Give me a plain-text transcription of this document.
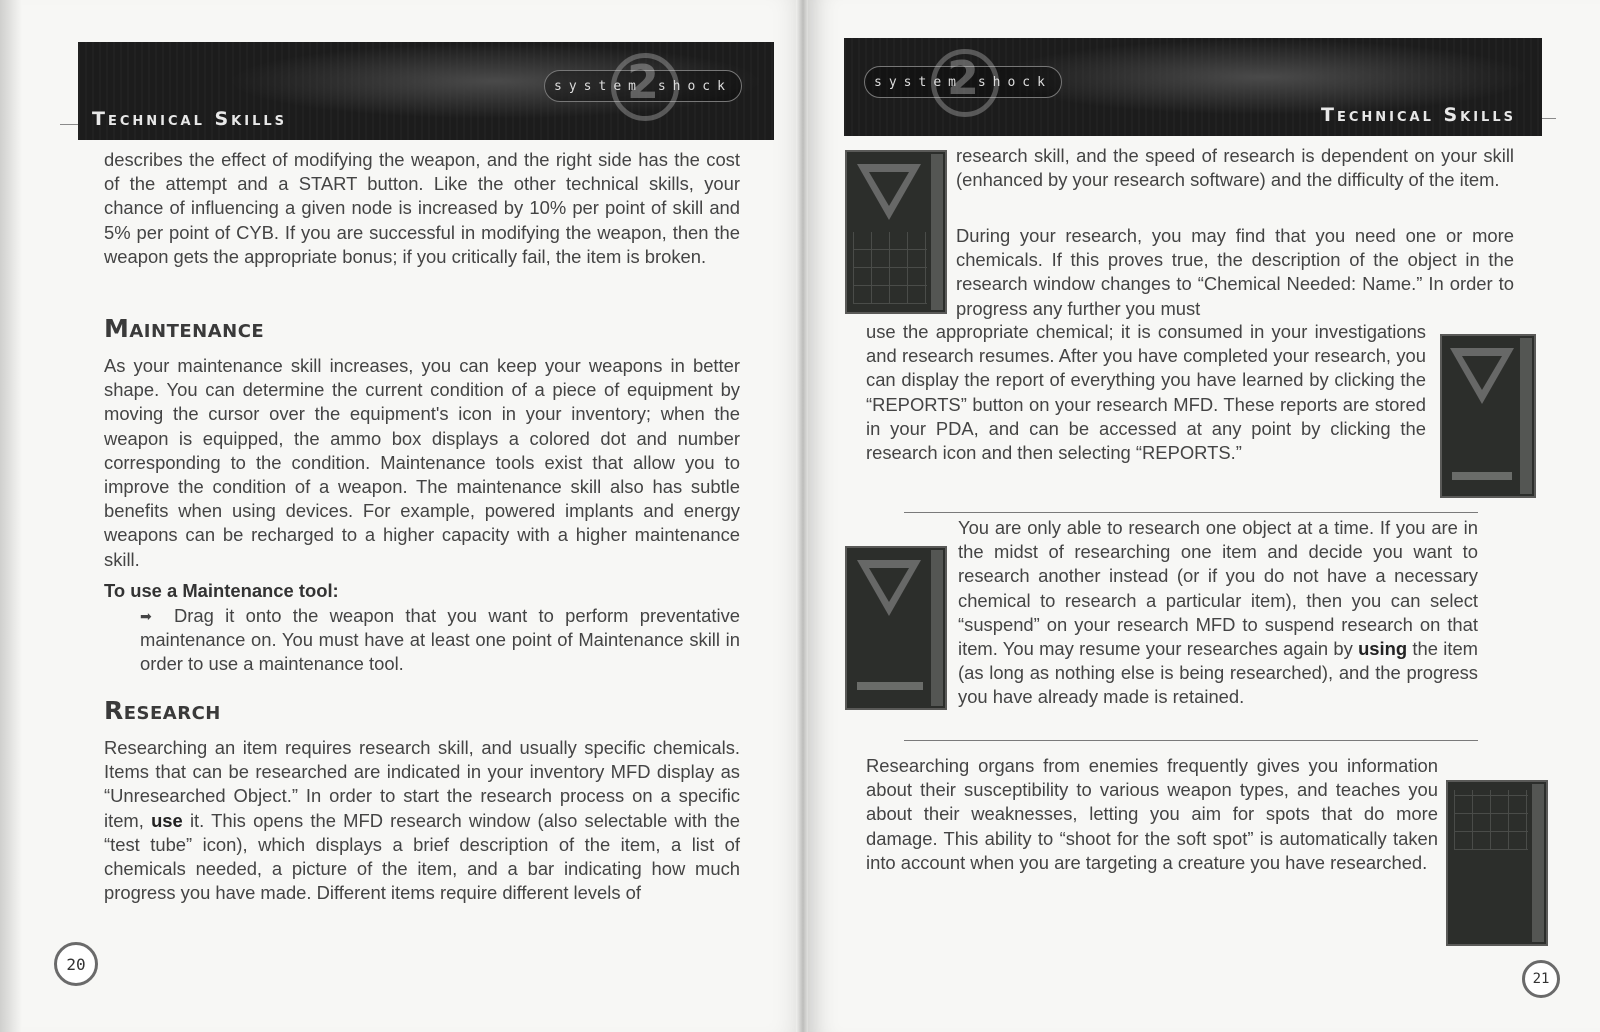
2
system shock
Technical Skills
describes the effect of modifying the weapon, and the right side has the cost of the attempt and a START button. Like the other technical skills, your chance of influencing a given node is increased by 10% per point of skill and 5% per point of CYB. If you are successful in modifying the weapon, then the weapon gets the appropriate bonus; if you critically fail, the item is broken.
Maintenance
As your maintenance skill increases, you can keep your weapons in better shape. You can determine the current condition of a piece of equipment by moving the cursor over the equipment's icon in your inventory; when the weapon is equipped, the ammo box displays a colored dot and number corresponding to the condition. Maintenance tools exist that allow you to improve the condition of a weapon. The maintenance skill also has subtle benefits when using devices. For example, powered implants and energy weapons can be recharged to a higher capacity with a higher maintenance skill.
To use a Maintenance tool:
➡ Drag it onto the weapon that you want to perform preventative maintenance on. You must have at least one point of Maintenance skill in order to use a maintenance tool.
Research
Researching an item requires research skill, and usually specific chemicals. Items that can be researched are indicated in your inventory MFD display as “Unresearched Object.” In order to start the research process on a specific item, use it. This opens the MFD research window (also selectable with the “test tube” icon), which displays a brief description of the item, a list of chemicals needed, a picture of the item, and a bar indicating how much progress you have made. Different items require different levels of
20
2
system shock
Technical Skills
research skill, and the speed of research is dependent on your skill (enhanced by your research software) and the difficulty of the item.
During your research, you may find that you need one or more chemicals. If this proves true, the description of the object in the research window changes to “Chemical Needed: Name.” In order to progress any further you must
use the appropriate chemical; it is consumed in your investigations and research resumes. After you have completed your research, you can display the report of everything you have learned by clicking the “REPORTS” button on your research MFD. These reports are stored in your PDA, and can be accessed at any point by clicking the research icon and then selecting “REPORTS.”
You are only able to research one object at a time. If you are in the midst of researching one item and decide you want to research another instead (or if you do not have a necessary chemical to research a particular item), then you can select “suspend” on your research MFD to suspend research on that item. You may resume your researches again by using the item (as long as nothing else is being researched), and the progress you have already made is retained.
Researching organs from enemies frequently gives you information about their susceptibility to various weapon types, and teaches you about their weaknesses, letting you aim for spots that do more damage. This ability to “shoot for the soft spot” is automatically taken into account when you are targeting a creature you have researched.
21
